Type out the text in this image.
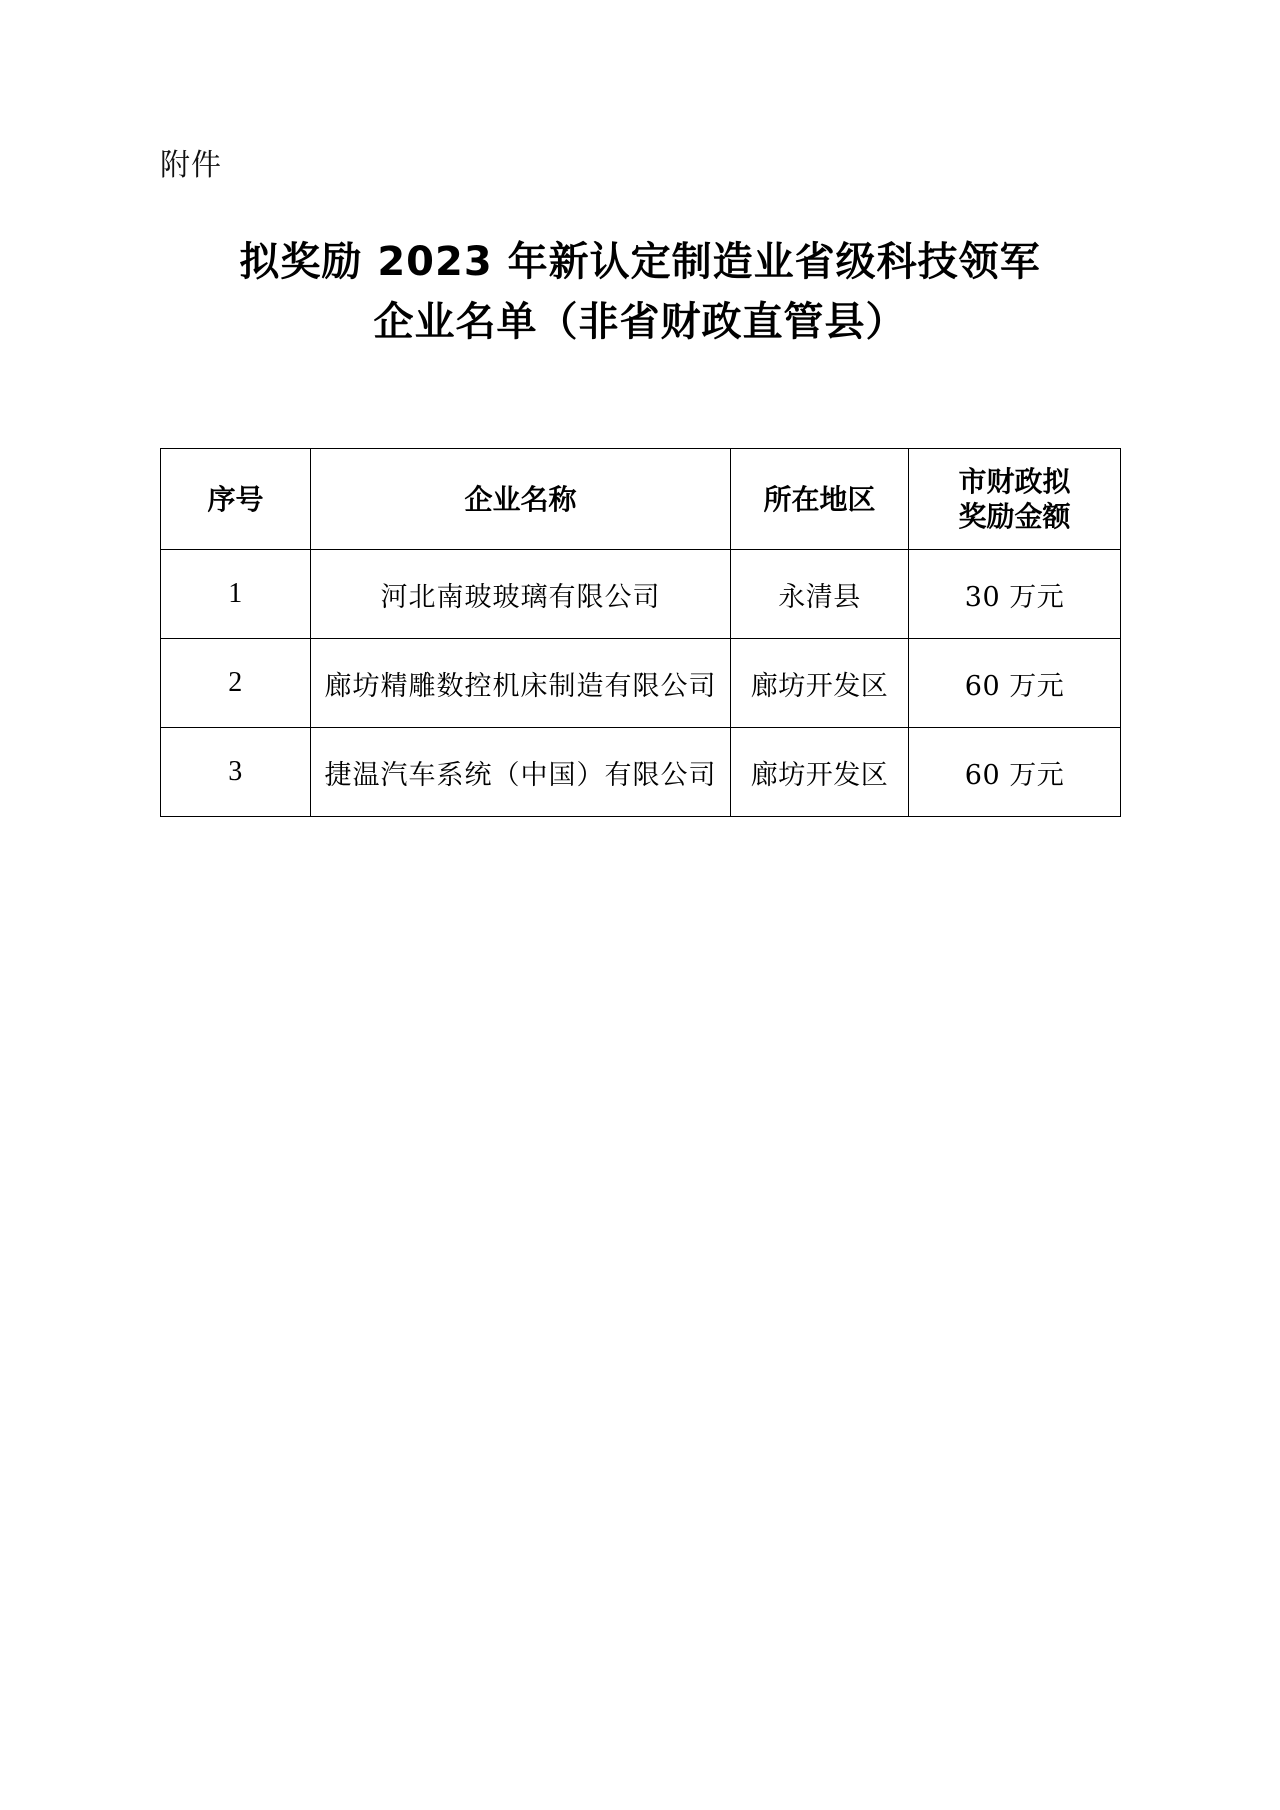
附件
拟奖励 2023 年新认定制造业省级科技领军
企业名单（非省财政直管县）
序号	企业名称	所在地区	市财政拟
奖励金额

1	河北南玻玻璃有限公司	永清县	30 万元
2	廊坊精雕数控机床制造有限公司	廊坊开发区	60 万元
3	捷温汽车系统（中国）有限公司	廊坊开发区	60 万元
